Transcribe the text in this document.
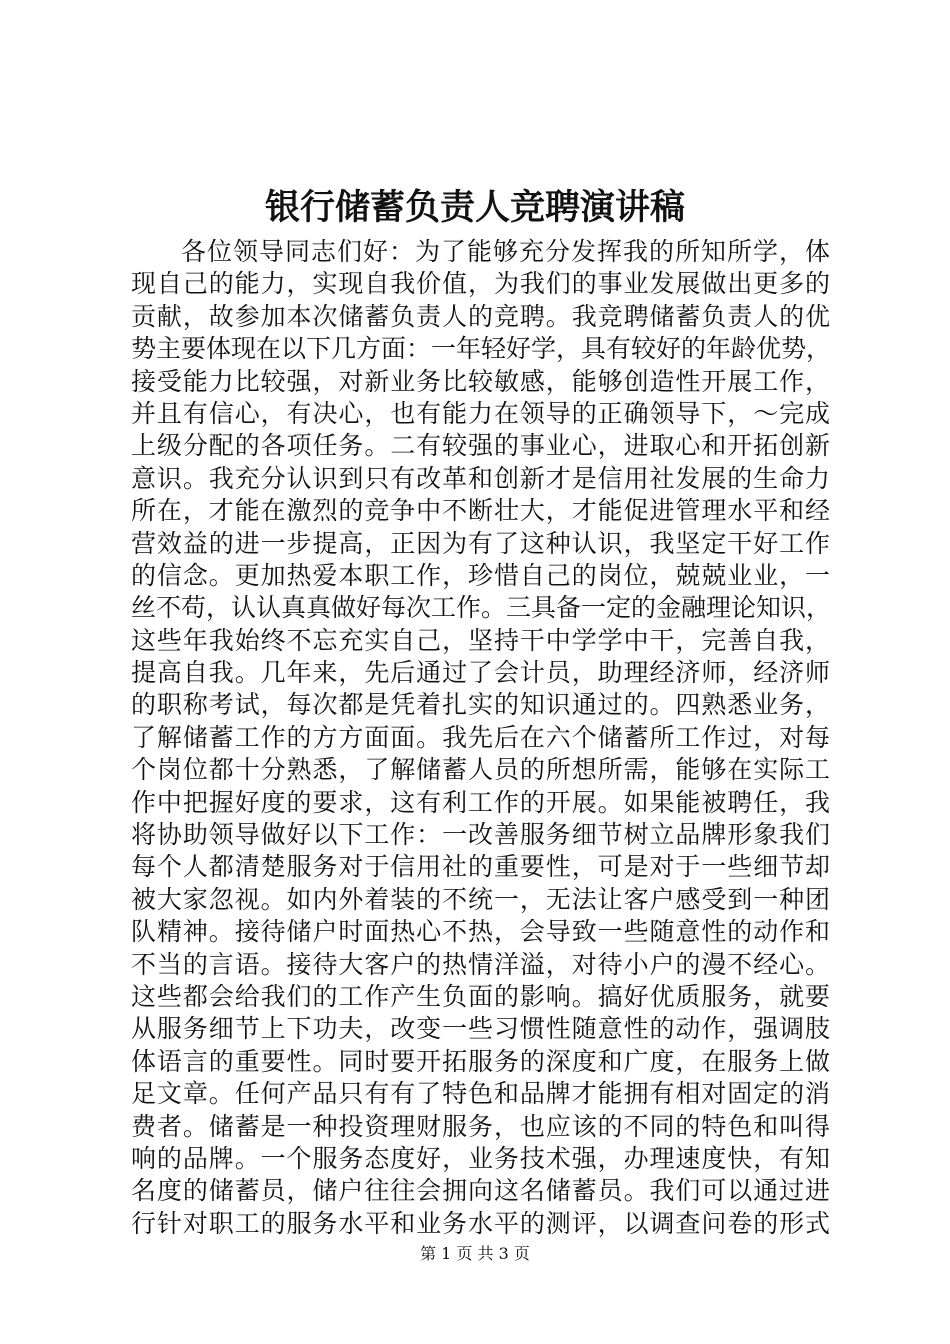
银行储蓄负责人竞聘演讲稿
各位领导同志们好：为了能够充分发挥我的所知所学，体
现自己的能力，实现自我价值，为我们的事业发展做出更多的
贡献，故参加本次储蓄负责人的竞聘。我竞聘储蓄负责人的优
势主要体现在以下几方面：一年轻好学，具有较好的年龄优势，
接受能力比较强，对新业务比较敏感，能够创造性开展工作，
并且有信心，有决心，也有能力在领导的正确领导下，～完成
上级分配的各项任务。二有较强的事业心，进取心和开拓创新
意识。我充分认识到只有改革和创新才是信用社发展的生命力
所在，才能在激烈的竞争中不断壮大，才能促进管理水平和经
营效益的进一步提高，正因为有了这种认识，我坚定干好工作
的信念。更加热爱本职工作，珍惜自己的岗位，兢兢业业，一
丝不苟，认认真真做好每次工作。三具备一定的金融理论知识，
这些年我始终不忘充实自己，坚持干中学学中干，完善自我，
提高自我。几年来，先后通过了会计员，助理经济师，经济师
的职称考试，每次都是凭着扎实的知识通过的。四熟悉业务，
了解储蓄工作的方方面面。我先后在六个储蓄所工作过，对每
个岗位都十分熟悉，了解储蓄人员的所想所需，能够在实际工
作中把握好度的要求，这有利工作的开展。如果能被聘任，我
将协助领导做好以下工作：一改善服务细节树立品牌形象我们
每个人都清楚服务对于信用社的重要性，可是对于一些细节却
被大家忽视。如内外着装的不统一，无法让客户感受到一种团
队精神。接待储户时面热心不热，会导致一些随意性的动作和
不当的言语。接待大客户的热情洋溢，对待小户的漫不经心。
这些都会给我们的工作产生负面的影响。搞好优质服务，就要
从服务细节上下功夫，改变一些习惯性随意性的动作，强调肢
体语言的重要性。同时要开拓服务的深度和广度，在服务上做
足文章。任何产品只有有了特色和品牌才能拥有相对固定的消
费者。储蓄是一种投资理财服务，也应该的不同的特色和叫得
响的品牌。一个服务态度好，业务技术强，办理速度快，有知
名度的储蓄员，储户往往会拥向这名储蓄员。我们可以通过进
行针对职工的服务水平和业务水平的测评，以调查问卷的形式
第 1 页 共 3 页
